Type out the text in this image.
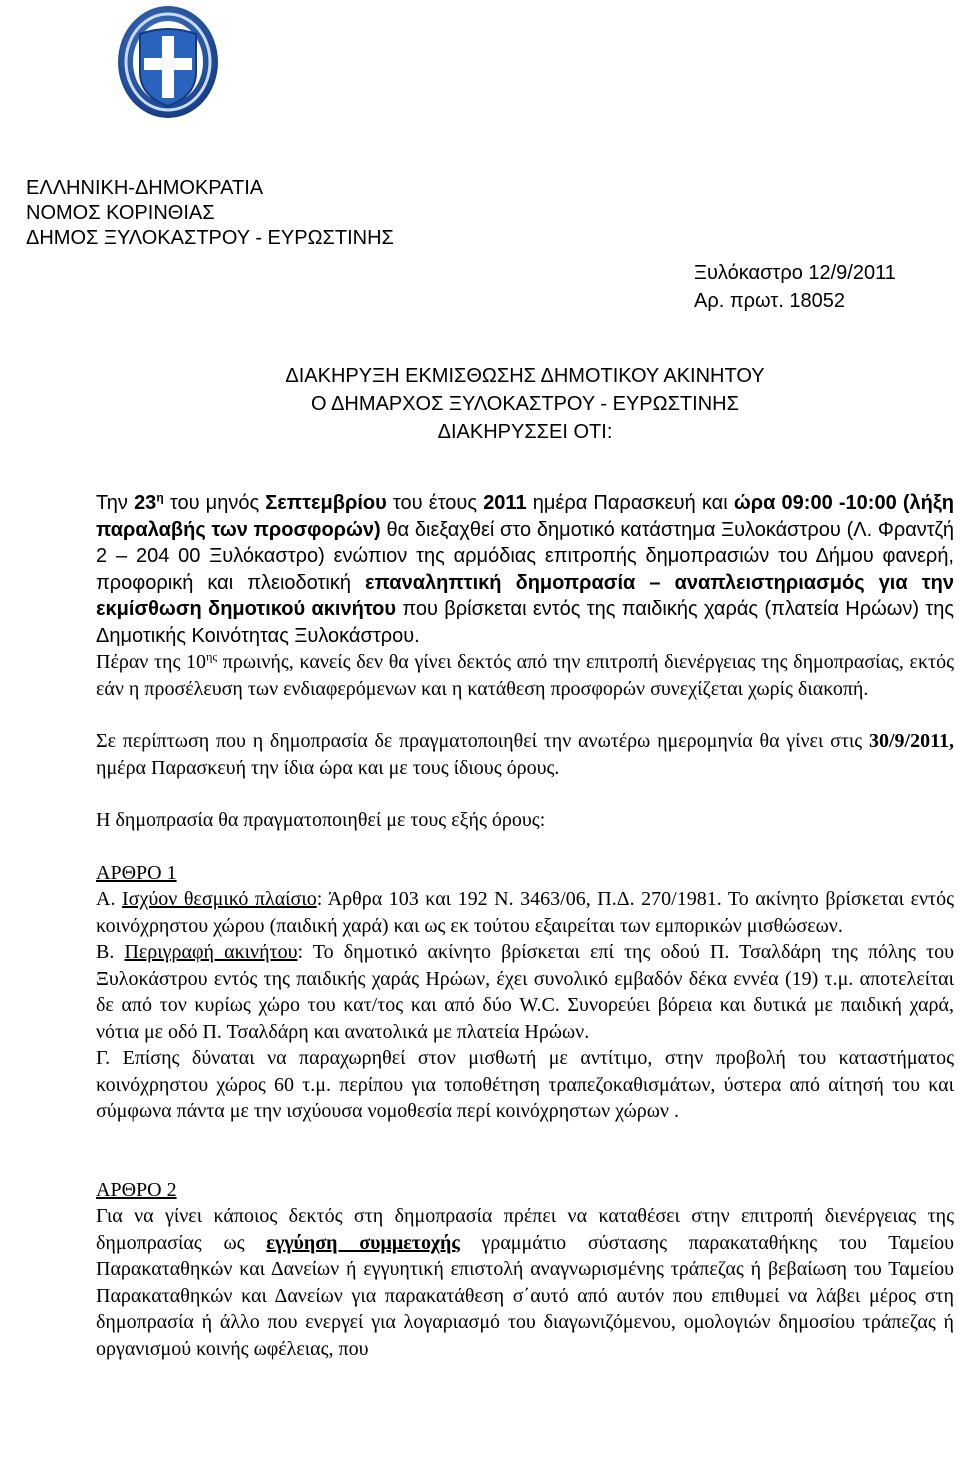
ΕΛΛΗΝΙΚΗ-ΔΗΜΟΚΡΑΤΙΑ
ΝΟΜΟΣ ΚΟΡΙΝΘΙΑΣ
ΔΗΜΟΣ ΞΥΛΟΚΑΣΤΡΟΥ - ΕΥΡΩΣΤΙΝΗΣ
Ξυλόκαστρο 12/9/2011
Αρ. πρωτ. 18052
ΔΙΑΚΗΡΥΞΗ ΕΚΜΙΣΘΩΣΗΣ ΔΗΜΟΤΙΚΟΥ ΑΚΙΝΗΤΟΥ
Ο ΔΗΜΑΡΧΟΣ ΞΥΛΟΚΑΣΤΡΟΥ - ΕΥΡΩΣΤΙΝΗΣ
ΔΙΑΚΗΡΥΣΣΕΙ ΟΤΙ:

Την $23^\eta$ του μηνός Σεπτεμβρίου του έτους 2011 ημέρα Παρασκευή και ώρα 09:00 -10:00 (λήξη παραλαβής των προσφορών) θα διεξαχθεί στο δημοτικό κατάστημα Ξυλοκάστρου (Λ. Φραντζή 2 – 204 00 Ξυλόκαστρο) ενώπιον της αρμόδιας επιτροπής δημοπρασιών του Δήμου φανερή, προφορική και πλειοδοτική επαναληπτική δημοπρασία – αναπλειστηριασμός για την εκμίσθωση δημοτικού ακινήτου που βρίσκεται εντός της παιδικής χαράς (πλατεία Ηρώων) της Δημοτικής Κοινότητας Ξυλοκάστρου.

Πέραν της $10^{\eta\varsigma}$ πρωινής, κανείς δεν θα γίνει δεκτός από την επιτροπή διενέργειας της δημοπρασίας, εκτός εάν η προσέλευση των ενδιαφερόμενων και η κατάθεση προσφορών συνεχίζεται χωρίς διακοπή.

Σε περίπτωση που η δημοπρασία δε πραγματοποιηθεί την ανωτέρω ημερομηνία θα γίνει στις 30/9/2011, ημέρα Παρασκευή την ίδια ώρα και με τους ίδιους όρους.

Η δημοπρασία θα πραγματοποιηθεί με τους εξής όρους:

ΑΡΘΡΟ 1

Α. Ισχύον θεσμικό πλαίσιο: Άρθρα 103 και 192 Ν. 3463/06, Π.Δ. 270/1981. Το ακίνητο βρίσκεται εντός κοινόχρηστου χώρου (παιδική χαρά) και ως εκ τούτου εξαιρείται των εμπορικών μισθώσεων.

Β. Περιγραφή ακινήτου: Το δημοτικό ακίνητο βρίσκεται επί της οδού Π. Τσαλδάρη της πόλης του Ξυλοκάστρου εντός της παιδικής χαράς Ηρώων, έχει συνολικό εμβαδόν δέκα εννέα (19) τ.μ. αποτελείται δε από τον κυρίως χώρο του κατ/τος και από δύο W.C. Συνορεύει βόρεια και δυτικά με παιδική χαρά, νότια με οδό Π. Τσαλδάρη και ανατολικά με πλατεία Ηρώων.

Γ. Επίσης δύναται να παραχωρηθεί στον μισθωτή με αντίτιμο, στην προβολή του καταστήματος κοινόχρηστου χώρος 60 τ.μ. περίπου για τοποθέτηση τραπεζοκαθισμάτων, ύστερα από αίτησή του και σύμφωνα πάντα με την ισχύουσα νομοθεσία περί κοινόχρηστων χώρων .

ΑΡΘΡΟ 2

Για να γίνει κάποιος δεκτός στη δημοπρασία πρέπει να καταθέσει στην επιτροπή διενέργειας της δημοπρασίας ως εγγύηση συμμετοχής γραμμάτιο σύστασης παρακαταθήκης του Ταμείου Παρακαταθηκών και Δανείων ή εγγυητική επιστολή αναγνωρισμένης τράπεζας ή βεβαίωση του Ταμείου Παρακαταθηκών και Δανείων για παρακατάθεση σ΄αυτό από αυτόν που επιθυμεί να λάβει μέρος στη δημοπρασία ή άλλο που ενεργεί για λογαριασμό του διαγωνιζόμενου, ομολογιών δημοσίου τράπεζας ή οργανισμού κοινής ωφέλειας, που
